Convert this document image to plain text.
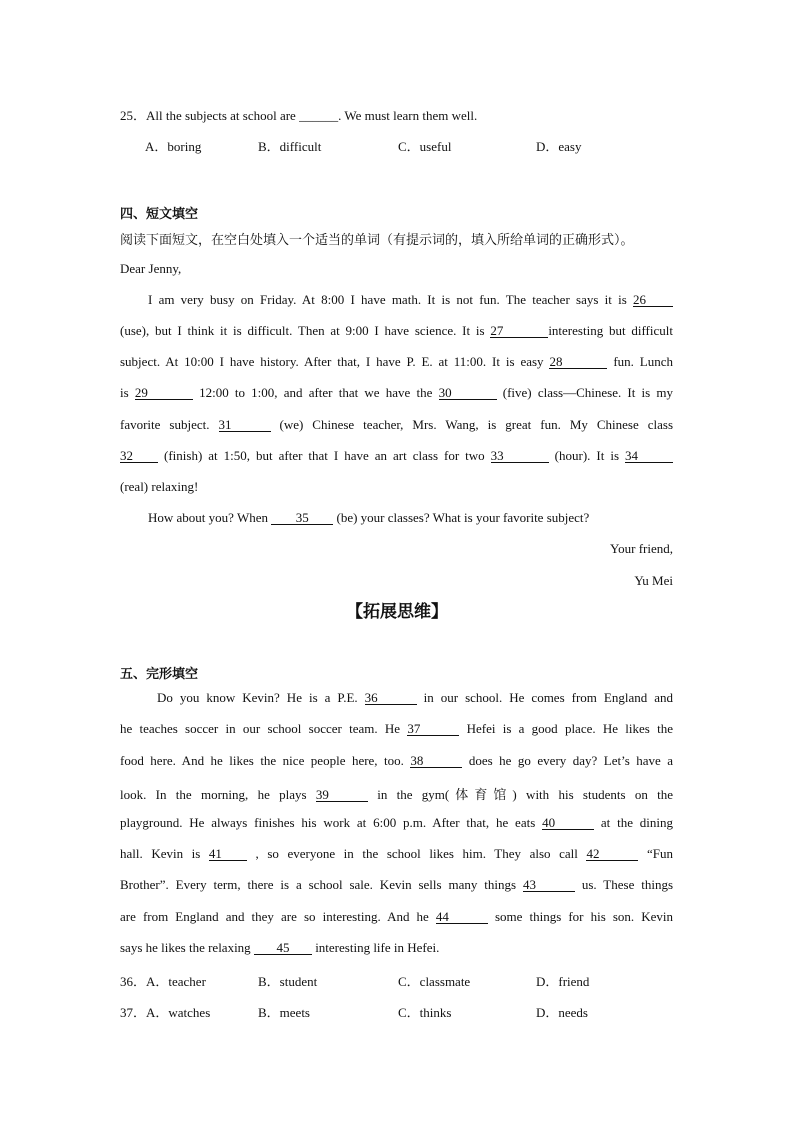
25．All the subjects at school are ______. We must learn them well.
A．boring	B．difficult	C．useful	D．easy
四、短文填空
阅读下面短文，在空白处填入一个适当的单词（有提示词的，填入所给单词的正确形式）。
Dear Jenny,
I am very busy on Friday. At 8:00 I have math. It is not fun. The teacher says it is 26
(use), but I think it is difficult. Then at 9:00 I have science. It is 27	interesting but difficult
subject. At 10:00 I have history. After that, I have P. E. at 11:00. It is easy 28	fun. Lunch
is 29	12:00 to 1:00, and after that we have the 30	(five) class—Chinese. It is my
favorite subject. 31	(we) Chinese teacher, Mrs. Wang, is great fun. My Chinese class
32 (finish) at 1:50, but after that I have an art class for two 33	(hour). It is 34
(real) relaxing!
How about you? When 35 (be) your classes? What is your favorite subject?
Your friend,
Yu Mei
【拓展思维】
五、完形填空
Do you know Kevin? He is a P.E. 36	in our school. He comes from England and
he teaches soccer in our school soccer team. He 37	Hefei is a good place. He likes the
food here. And he likes the nice people here, too. 38	does he go every day? Let’s have a
look. In the morning, he plays 39	in the gym(体育馆) with his students on the
playground. He always finishes his work at 6:00 p.m. After that, he eats 40	at the dining
hall. Kevin is 41	, so everyone in the school likes him. They also call 42	“Fun
Brother”. Every term, there is a school sale. Kevin sells many things 43	us. These things
are from England and they are so interesting. And he 44	some things for his son. Kevin
says he likes the relaxing 45 interesting life in Hefei.
36．A．teacher	B．student	C．classmate	D．friend
37．A．watches	B．meets	C．thinks	D．needs
